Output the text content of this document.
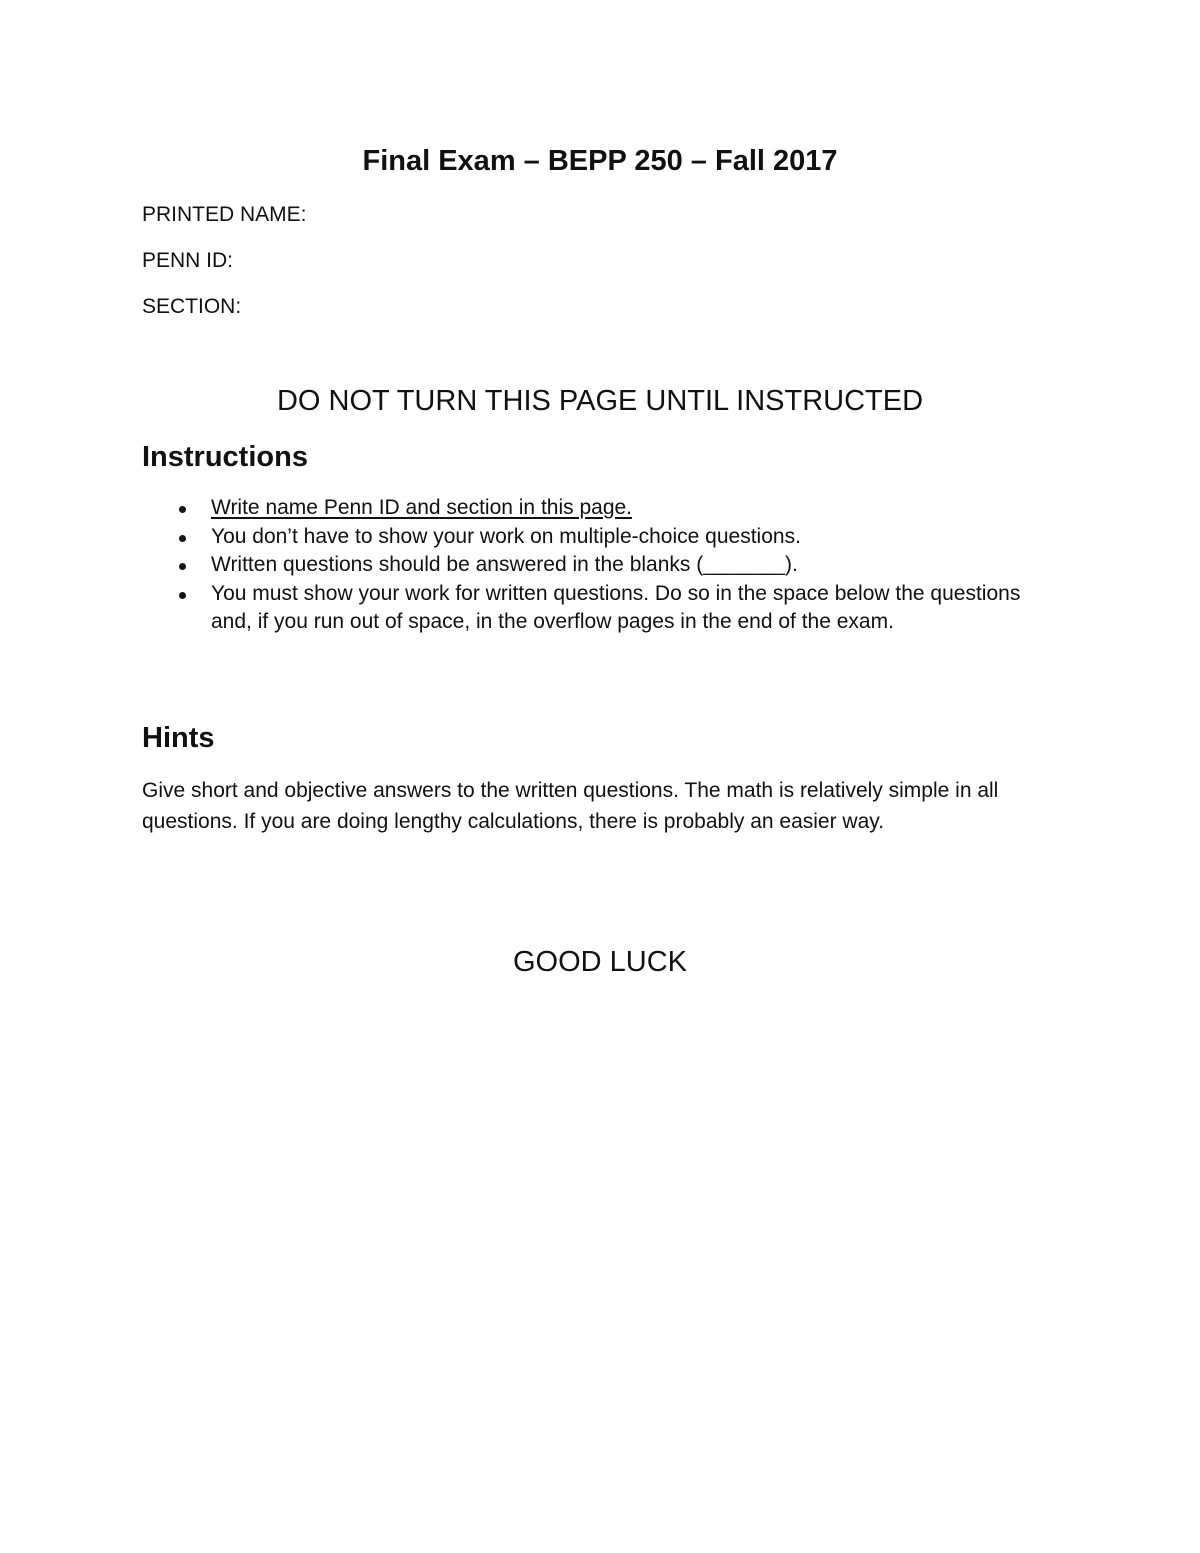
Final Exam – BEPP 250 – Fall 2017

PRINTED NAME:

PENN ID:

SECTION:

DO NOT TURN THIS PAGE UNTIL INSTRUCTED

Instructions
Write name Penn ID and section in this page.
You don’t have to show your work on multiple-choice questions.
Written questions should be answered in the blanks (_______).
You must show your work for written questions. Do so in the space below the questions and, if you run out of space, in the overflow pages in the end of the exam.
Hints

Give short and objective answers to the written questions. The math is relatively simple in all questions. If you are doing lengthy calculations, there is probably an easier way.

GOOD LUCK
